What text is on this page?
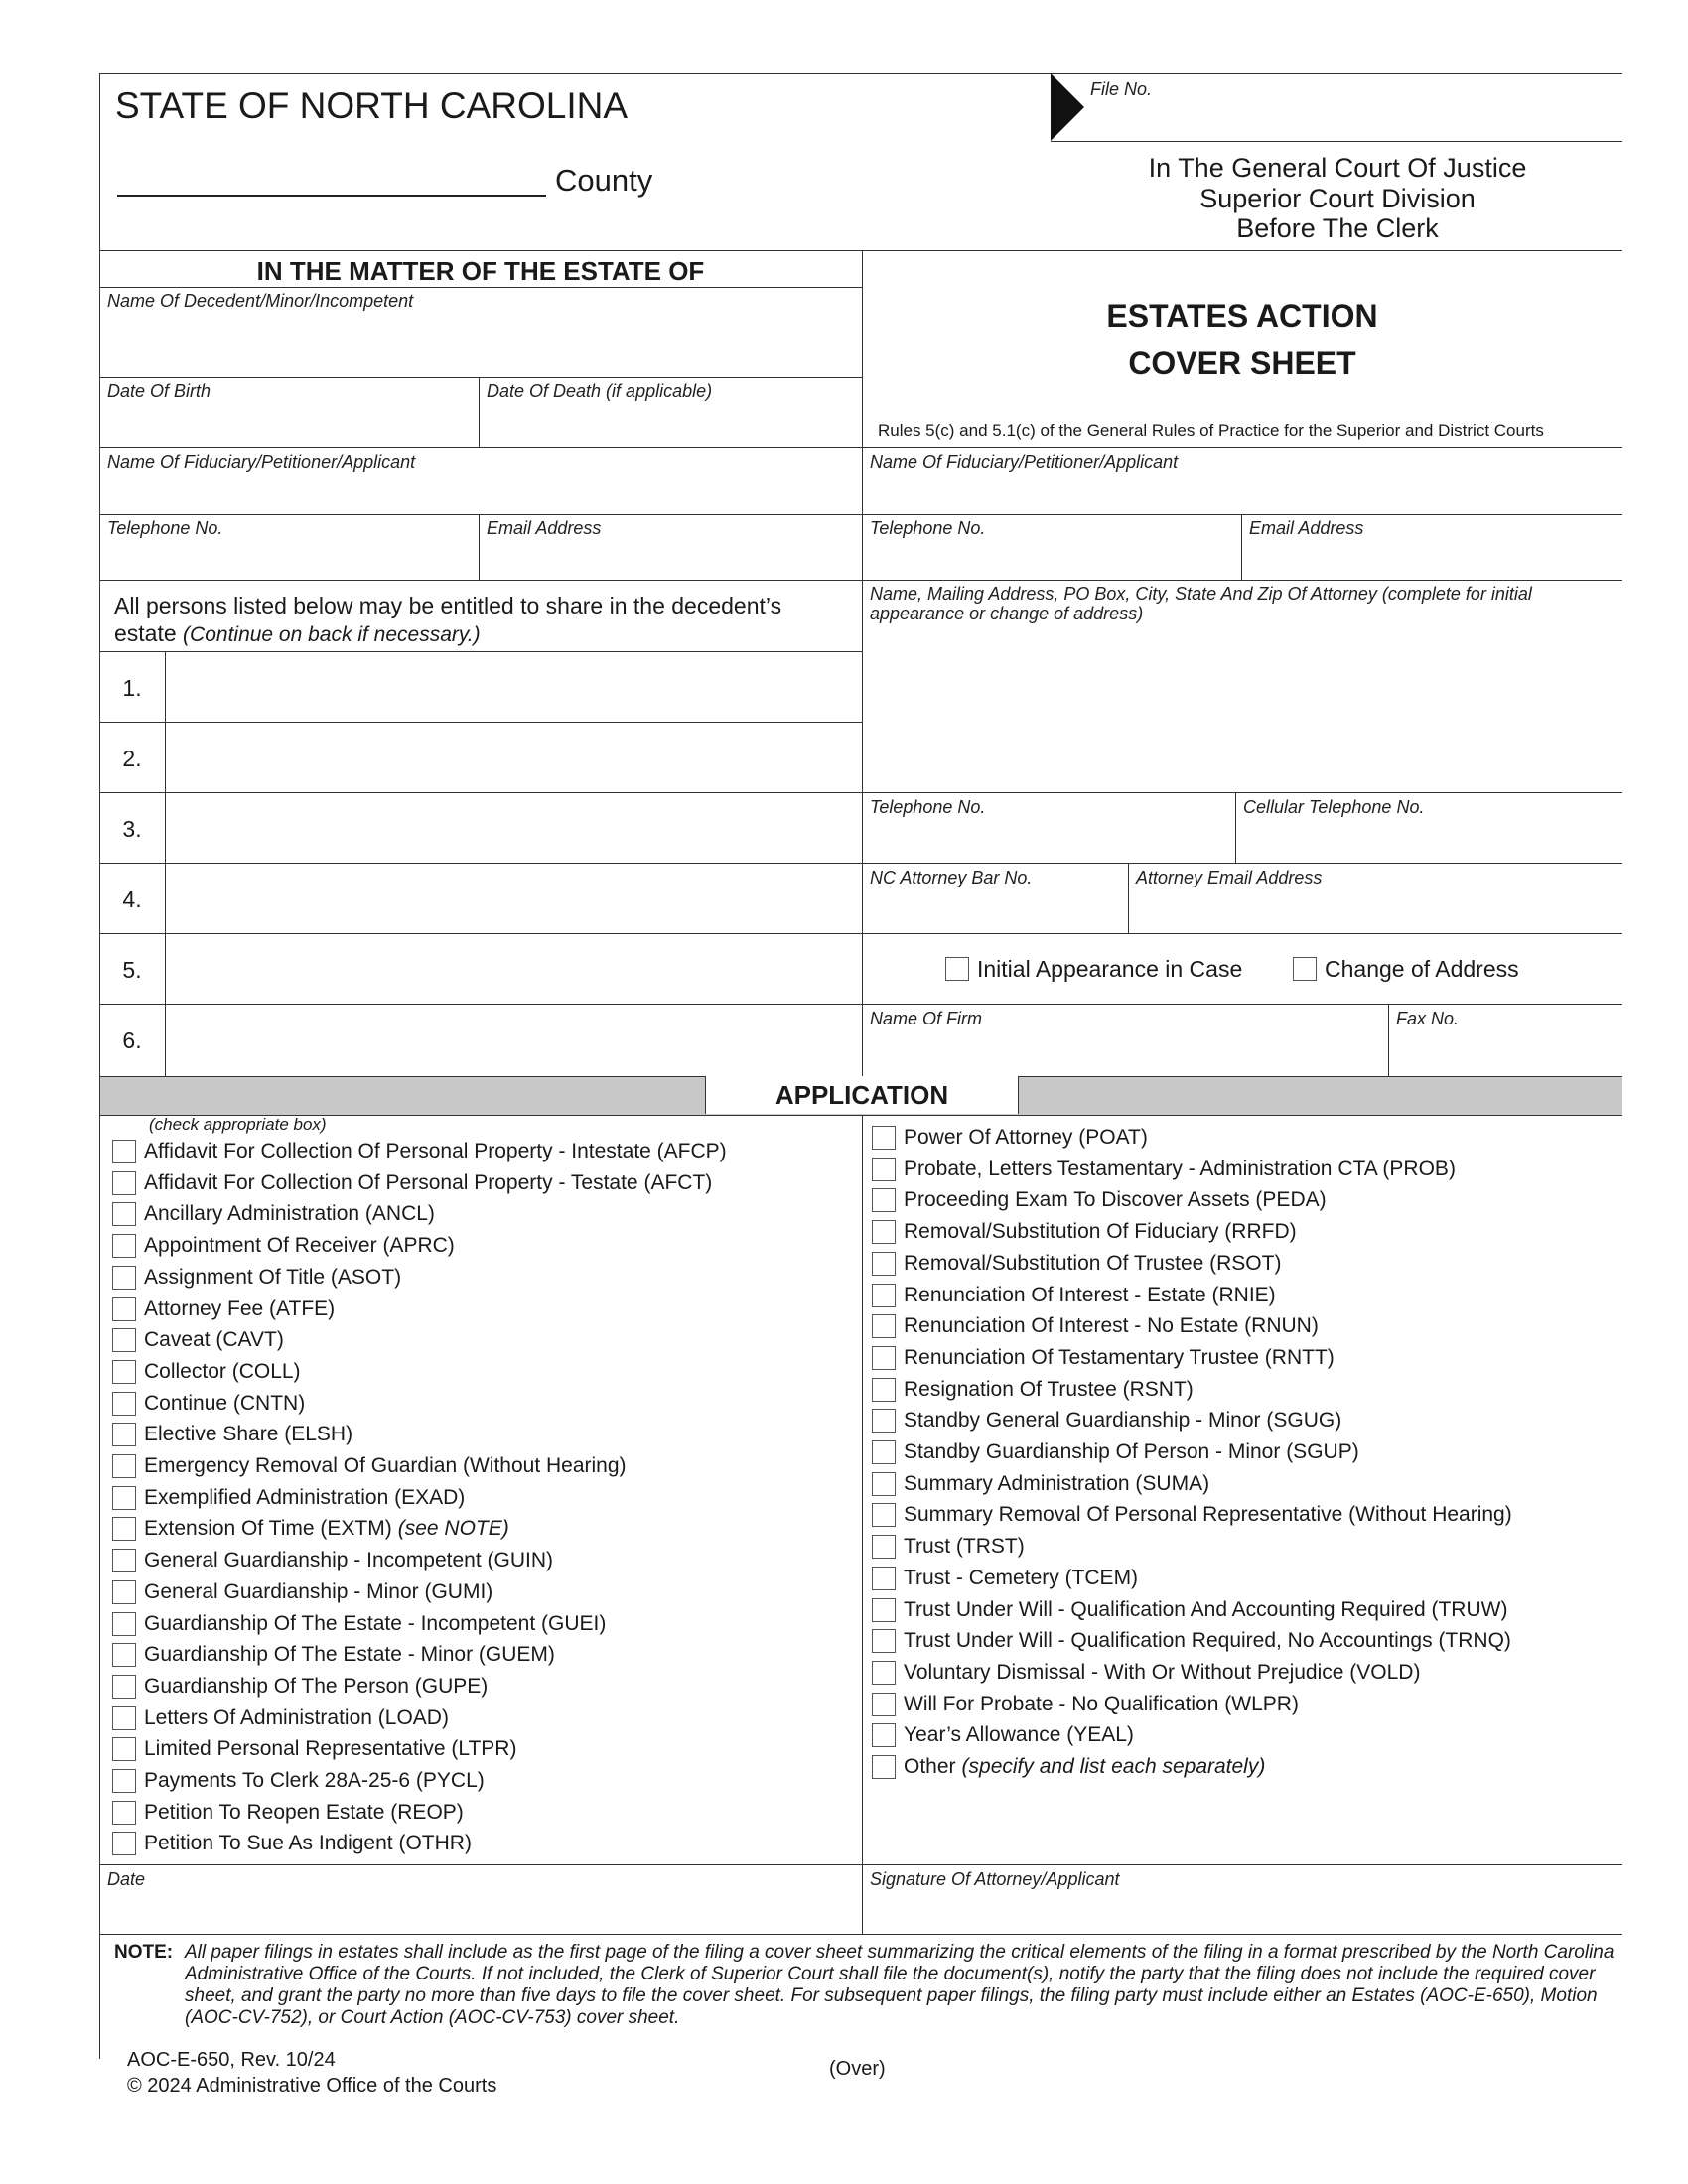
STATE OF NORTH CAROLINA
County
File No.
In The General Court Of Justice
Superior Court Division
Before The Clerk
IN THE MATTER OF THE ESTATE OF
Name Of Decedent/Minor/Incompetent
Date Of Birth	Date Of Death (if applicable)
Name Of Fiduciary/Petitioner/Applicant
ESTATES ACTION
COVER SHEET
Rules 5(c) and 5.1(c) of the General Rules of Practice for the Superior and District Courts
Name Of Fiduciary/Petitioner/Applicant
Telephone No.	Email Address	Telephone No.	Email Address
All persons listed below may be entitled to share in the decedent’s estate (Continue on back if necessary.)
1.
2.
3.
4.
5.
6.
Name, Mailing Address, PO Box, City, State And Zip Of Attorney (complete for initial appearance or change of address)
Telephone No.	Cellular Telephone No.
NC Attorney Bar No.	Attorney Email Address
Initial Appearance in Case	Change of Address
Name Of Firm	Fax No.
APPLICATION
(check appropriate box)
Affidavit For Collection Of Personal Property - Intestate (AFCP)
Affidavit For Collection Of Personal Property - Testate (AFCT)
Ancillary Administration (ANCL)
Appointment Of Receiver (APRC)
Assignment Of Title (ASOT)
Attorney Fee (ATFE)
Caveat (CAVT)
Collector (COLL)
Continue (CNTN)
Elective Share (ELSH)
Emergency Removal Of Guardian (Without Hearing)
Exemplified Administration (EXAD)
Extension Of Time (EXTM) (see NOTE)
General Guardianship - Incompetent (GUIN)
General Guardianship - Minor (GUMI)
Guardianship Of The Estate - Incompetent (GUEI)
Guardianship Of The Estate - Minor (GUEM)
Guardianship Of The Person (GUPE)
Letters Of Administration (LOAD)
Limited Personal Representative (LTPR)
Payments To Clerk 28A-25-6 (PYCL)
Petition To Reopen Estate (REOP)
Petition To Sue As Indigent (OTHR)
Power Of Attorney (POAT)
Probate, Letters Testamentary - Administration CTA (PROB)
Proceeding Exam To Discover Assets (PEDA)
Removal/Substitution Of Fiduciary (RRFD)
Removal/Substitution Of Trustee (RSOT)
Renunciation Of Interest - Estate (RNIE)
Renunciation Of Interest - No Estate (RNUN)
Renunciation Of Testamentary Trustee (RNTT)
Resignation Of Trustee (RSNT)
Standby General Guardianship - Minor (SGUG)
Standby Guardianship Of Person - Minor (SGUP)
Summary Administration (SUMA)
Summary Removal Of Personal Representative (Without Hearing)
Trust (TRST)
Trust - Cemetery (TCEM)
Trust Under Will - Qualification And Accounting Required (TRUW)
Trust Under Will - Qualification Required, No Accountings (TRNQ)
Voluntary Dismissal - With Or Without Prejudice (VOLD)
Will For Probate - No Qualification (WLPR)
Year’s Allowance (YEAL)
Other (specify and list each separately)
Date	Signature Of Attorney/Applicant
NOTE: All paper filings in estates shall include as the first page of the filing a cover sheet summarizing the critical elements of the filing in a format prescribed by the North Carolina Administrative Office of the Courts. If not included, the Clerk of Superior Court shall file the document(s), notify the party that the filing does not include the required cover sheet, and grant the party no more than five days to file the cover sheet. For subsequent paper filings, the filing party must include either an Estates (AOC-E-650), Motion (AOC-CV-752), or Court Action (AOC-CV-753) cover sheet.
AOC-E-650, Rev. 10/24
© 2024 Administrative Office of the Courts
(Over)
